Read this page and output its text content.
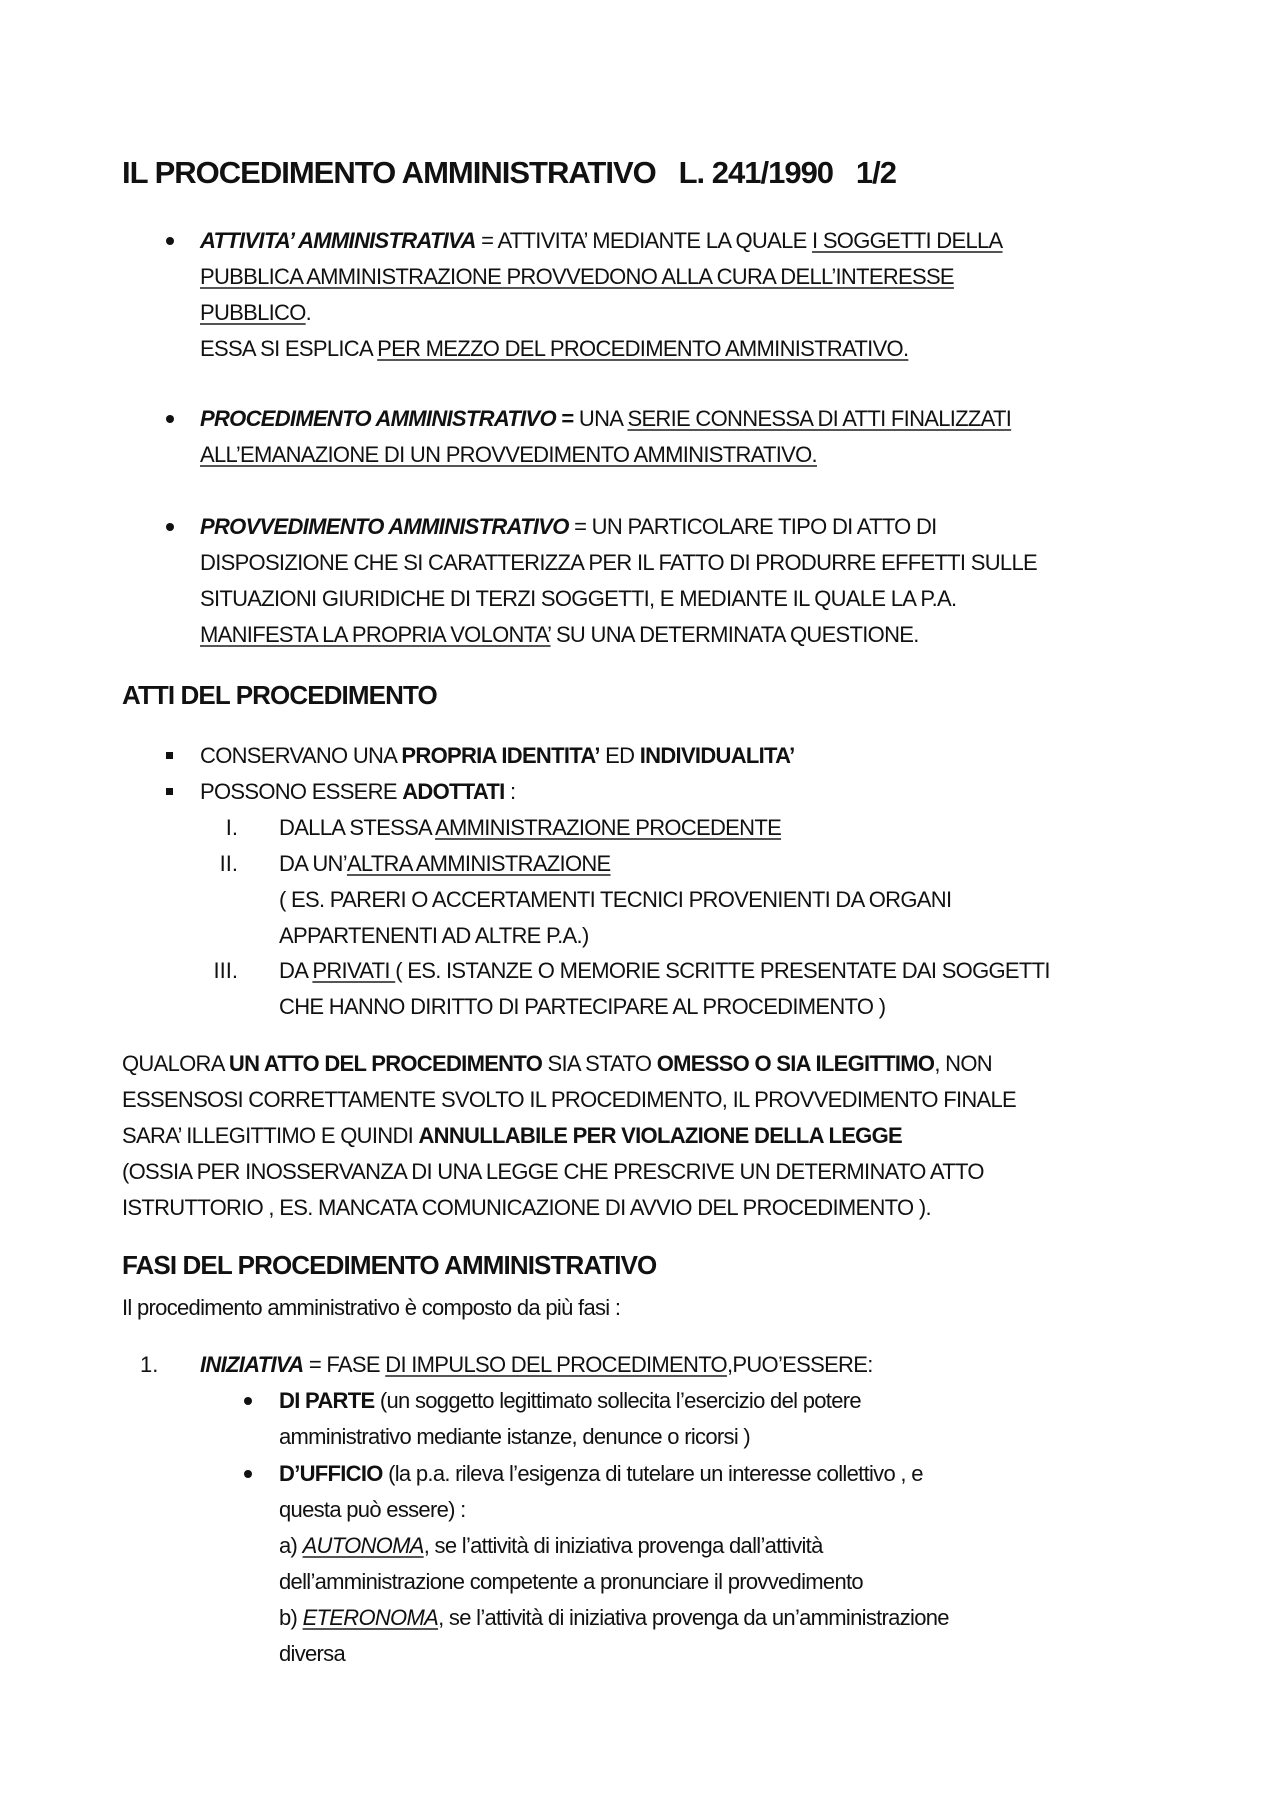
IL PROCEDIMENTO AMMINISTRATIVO   L. 241/1990   1/2
ATTIVITA’ AMMINISTRATIVA = ATTIVITA’ MEDIANTE LA QUALE I SOGGETTI DELLA
PUBBLICA AMMINISTRAZIONE PROVVEDONO ALLA CURA DELL’INTERESSE
PUBBLICO.
ESSA SI ESPLICA PER MEZZO DEL PROCEDIMENTO AMMINISTRATIVO.
PROCEDIMENTO AMMINISTRATIVO = UNA SERIE CONNESSA DI ATTI FINALIZZATI
ALL’EMANAZIONE DI UN PROVVEDIMENTO AMMINISTRATIVO.
PROVVEDIMENTO AMMINISTRATIVO = UN PARTICOLARE TIPO DI ATTO DI
DISPOSIZIONE CHE SI CARATTERIZZA PER IL FATTO DI PRODURRE EFFETTI SULLE
SITUAZIONI GIURIDICHE DI TERZI SOGGETTI, E MEDIANTE IL QUALE LA P.A.
MANIFESTA LA PROPRIA VOLONTA’ SU UNA DETERMINATA QUESTIONE.
ATTI DEL PROCEDIMENTO
CONSERVANO UNA PROPRIA IDENTITA’ ED INDIVIDUALITA’
POSSONO ESSERE ADOTTATI :
I. DALLA STESSA AMMINISTRAZIONE PROCEDENTE
II. DA UN’ALTRA AMMINISTRAZIONE
( ES. PARERI O ACCERTAMENTI TECNICI PROVENIENTI DA ORGANI
APPARTENENTI AD ALTRE P.A.)
III. DA PRIVATI ( ES. ISTANZE O MEMORIE SCRITTE PRESENTATE DAI SOGGETTI
CHE HANNO DIRITTO DI PARTECIPARE AL PROCEDIMENTO )
QUALORA UN ATTO DEL PROCEDIMENTO SIA STATO OMESSO O SIA ILEGITTIMO, NON
ESSENSOSI CORRETTAMENTE SVOLTO IL PROCEDIMENTO, IL PROVVEDIMENTO FINALE
SARA’ ILLEGITTIMO E QUINDI ANNULLABILE PER VIOLAZIONE DELLA LEGGE
(OSSIA PER INOSSERVANZA DI UNA LEGGE CHE PRESCRIVE UN DETERMINATO ATTO
ISTRUTTORIO , ES. MANCATA COMUNICAZIONE DI AVVIO DEL PROCEDIMENTO ).
FASI DEL PROCEDIMENTO AMMINISTRATIVO
Il procedimento amministrativo è composto da più fasi :
1.	INIZIATIVA = FASE DI IMPULSO DEL PROCEDIMENTO,PUO’ESSERE:
DI PARTE (un soggetto legittimato sollecita l’esercizio del potere
amministrativo mediante istanze, denunce o ricorsi )
D’UFFICIO (la p.a. rileva l’esigenza di tutelare un interesse collettivo , e
questa può essere) :
a) AUTONOMA, se l’attività di iniziativa provenga dall’attività
dell’amministrazione competente a pronunciare il provvedimento
b) ETERONOMA, se l’attività di iniziativa provenga da un’amministrazione
diversa
